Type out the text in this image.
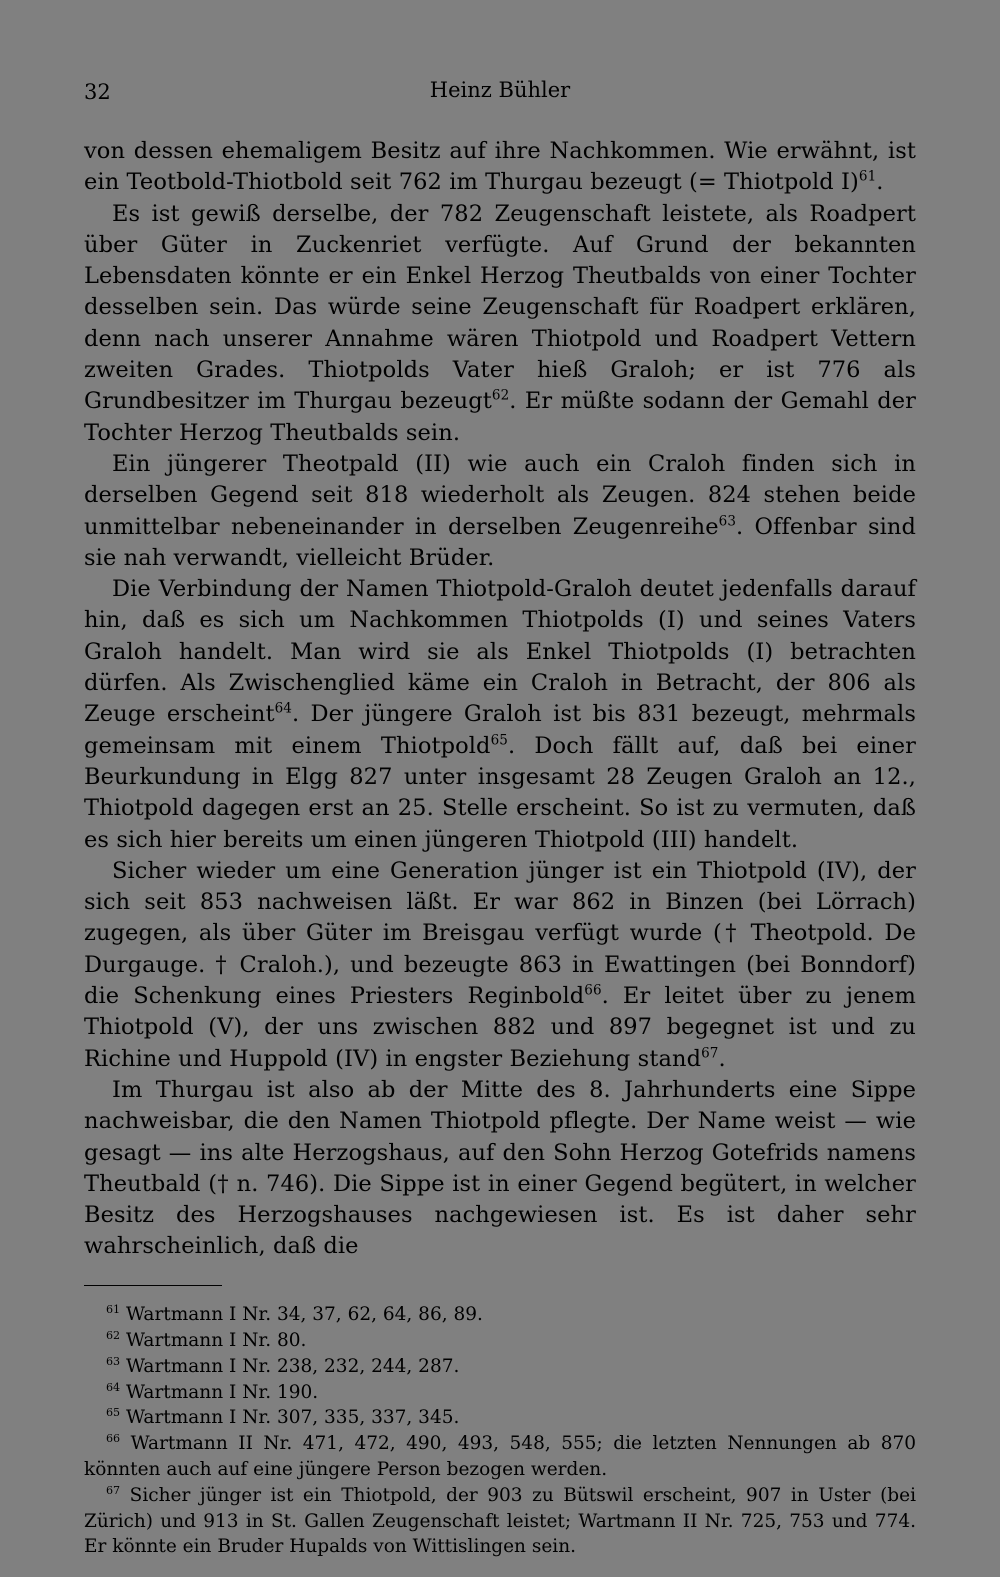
32	Heinz Bühler

von dessen ehemaligem Besitz auf ihre Nachkommen. Wie erwähnt, ist ein Teotbold-Thiotbold seit 762 im Thurgau bezeugt (= Thiotpold I)$^{61}$.

Es ist gewiß derselbe, der 782 Zeugenschaft leistete, als Roadpert über Güter in Zuckenriet verfügte. Auf Grund der bekannten Lebensdaten könnte er ein Enkel Herzog Theutbalds von einer Tochter desselben sein. Das würde seine Zeugenschaft für Roadpert erklären, denn nach unserer Annahme wären Thiotpold und Roadpert Vettern zweiten Grades. Thiotpolds Vater hieß Graloh; er ist 776 als Grundbesitzer im Thurgau bezeugt$^{62}$. Er müßte sodann der Gemahl der Tochter Herzog Theutbalds sein.

Ein jüngerer Theotpald (II) wie auch ein Craloh finden sich in derselben Gegend seit 818 wiederholt als Zeugen. 824 stehen beide unmittelbar nebeneinander in derselben Zeugenreihe$^{63}$. Offenbar sind sie nah verwandt, vielleicht Brüder.

Die Verbindung der Namen Thiotpold-Graloh deutet jedenfalls darauf hin, daß es sich um Nachkommen Thiotpolds (I) und seines Vaters Graloh handelt. Man wird sie als Enkel Thiotpolds (I) betrachten dürfen. Als Zwischenglied käme ein Craloh in Betracht, der 806 als Zeuge erscheint$^{64}$. Der jüngere Graloh ist bis 831 bezeugt, mehrmals gemeinsam mit einem Thiotpold$^{65}$. Doch fällt auf, daß bei einer Beurkundung in Elgg 827 unter insgesamt 28 Zeugen Graloh an 12., Thiotpold dagegen erst an 25. Stelle erscheint. So ist zu vermuten, daß es sich hier bereits um einen jüngeren Thiotpold (III) handelt.

Sicher wieder um eine Generation jünger ist ein Thiotpold (IV), der sich seit 853 nachweisen läßt. Er war 862 in Binzen (bei Lörrach) zugegen, als über Güter im Breisgau verfügt wurde († Theotpold. De Durgauge. † Craloh.), und bezeugte 863 in Ewattingen (bei Bonndorf) die Schenkung eines Priesters Reginbold$^{66}$. Er leitet über zu jenem Thiotpold (V), der uns zwischen 882 und 897 begegnet ist und zu Richine und Huppold (IV) in engster Beziehung stand$^{67}$.

Im Thurgau ist also ab der Mitte des 8. Jahrhunderts eine Sippe nachweisbar, die den Namen Thiotpold pflegte. Der Name weist — wie gesagt — ins alte Herzogshaus, auf den Sohn Herzog Gotefrids namens Theutbald († n. 746). Die Sippe ist in einer Gegend begütert, in welcher Besitz des Herzogshauses nachgewiesen ist. Es ist daher sehr wahrscheinlich, daß die

$^{61}$ Wartmann I Nr. 34, 37, 62, 64, 86, 89.

$^{62}$ Wartmann I Nr. 80.

$^{63}$ Wartmann I Nr. 238, 232, 244, 287.

$^{64}$ Wartmann I Nr. 190.

$^{65}$ Wartmann I Nr. 307, 335, 337, 345.

$^{66}$ Wartmann II Nr. 471, 472, 490, 493, 548, 555; die letzten Nennungen ab 870 könnten auch auf eine jüngere Person bezogen werden.

$^{67}$ Sicher jünger ist ein Thiotpold, der 903 zu Bütswil erscheint, 907 in Uster (bei Zürich) und 913 in St. Gallen Zeugenschaft leistet; Wartmann II Nr. 725, 753 und 774. Er könnte ein Bruder Hupalds von Wittislingen sein.
